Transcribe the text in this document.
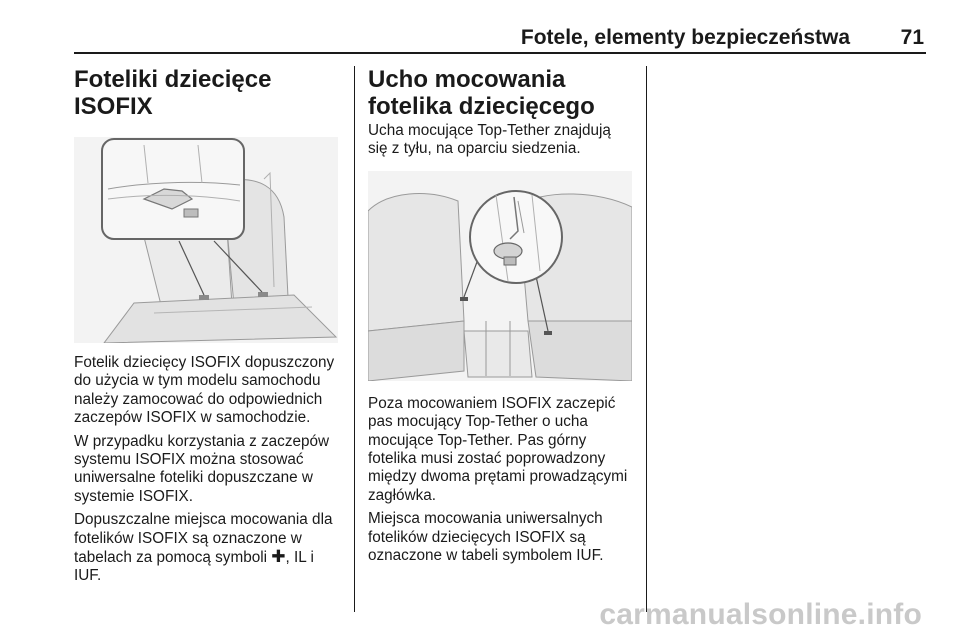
Fotele, elementy bezpieczeństwa 71
Foteliki dziecięce ISOFIX

Fotelik dziecięcy ISOFIX dopuszczony do użycia w tym modelu samochodu należy zamocować do odpowiednich zaczepów ISOFIX w samochodzie.

W przypadku korzystania z zaczepów systemu ISOFIX można stosować uniwersalne foteliki dopuszczane w systemie ISOFIX.

Dopuszczalne miejsca mocowania dla fotelików ISOFIX są oznaczone w tabelach za pomocą symboli ✚, IL i IUF.

Ucho mocowania fotelika dziecięcego

Ucha mocujące Top-Tether znajdują się z tyłu, na oparciu siedzenia.

Poza mocowaniem ISOFIX zaczepić pas mocujący Top-Tether o ucha mocujące Top-Tether. Pas górny fotelika musi zostać poprowadzony między dwoma prętami prowadzącymi zagłówka.

Miejsca mocowania uniwersalnych fotelików dziecięcych ISOFIX są oznaczone w tabeli symbolem IUF.

carmanualsonline.info
